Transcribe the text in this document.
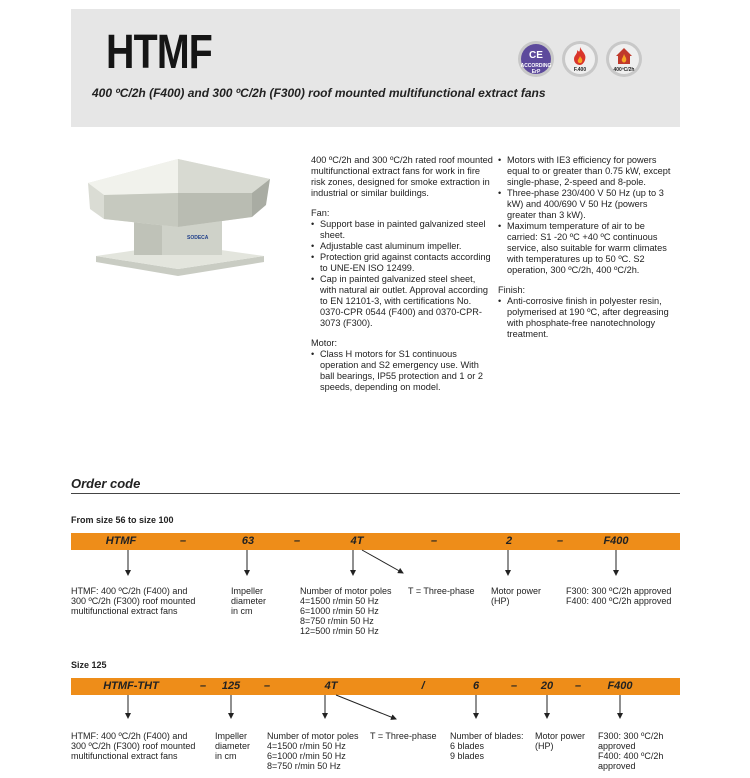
HTMF
400 ºC/2h (F400) and 300 ºC/2h (F300) roof mounted multifunctional extract fans
CE
ACCORDING ErP	F.400	400ºC/2h
SODECA

400 ºC/2h and 300 ºC/2h rated roof mounted multifunctional extract fans for work in fire risk zones, designed for smoke extraction in industrial or similar buildings.

Fan:
• Support base in painted galvanized steel sheet.
• Adjustable cast aluminum impeller.
• Protection grid against contacts according to UNE-EN ISO 12499.
• Cap in painted galvanized steel sheet, with natural air outlet. Approval according to EN 12101-3, with certifications No. 0370-CPR 0544 (F400) and 0370-CPR-3073 (F300).
Motor:
• Class H motors for S1 continuous operation and S2 emergency use. With ball bearings, IP55 protection and 1 or 2 speeds, depending on model.
• Motors with IE3 efficiency for powers equal to or greater than 0.75 kW, except single-phase, 2-speed and 8-pole.
• Three-phase 230/400 V 50 Hz (up to 3 kW) and 400/690 V 50 Hz (powers greater than 3 kW).
• Maximum temperature of air to be carried: S1 -20 ºC +40 ºC continuous service, also suitable for warm climates with temperatures up to 50 ºC. S2 operation, 300 ºC/2h, 400 ºC/2h.
Finish:
• Anti-corrosive finish in polyester resin, polymerised at 190 ºC, after degreasing with phosphate-free nanotechnology treatment.
Order code
From size 56 to size 100
HTMF	–	63	–	4T	–	2	–	F400
HTMF: 400 ºC/2h (F400) and
300 ºC/2h (F300) roof mounted
multifunctional extract fans
Impeller
diameter
in cm
Number of motor poles
4=1500 r/min 50 Hz
6=1000 r/min 50 Hz
8=750 r/min 50 Hz
12=500 r/min 50 Hz
T = Three-phase Motor power
(HP)
F300: 300 ºC/2h approved
F400: 400 ºC/2h approved
Size 125
HTMF-THT	– 125 –	4T	/	6	– 20 – F400
HTMF: 400 ºC/2h (F400) and
300 ºC/2h (F300) roof mounted
multifunctional extract fans
Impeller
diameter
in cm
Number of motor poles
4=1500 r/min 50 Hz
6=1000 r/min 50 Hz
8=750 r/min 50 Hz
T = Three-phase Number of blades:
6 blades
9 blades
Motor power
(HP)
F300: 300 ºC/2h
approved
F400: 400 ºC/2h
approved
